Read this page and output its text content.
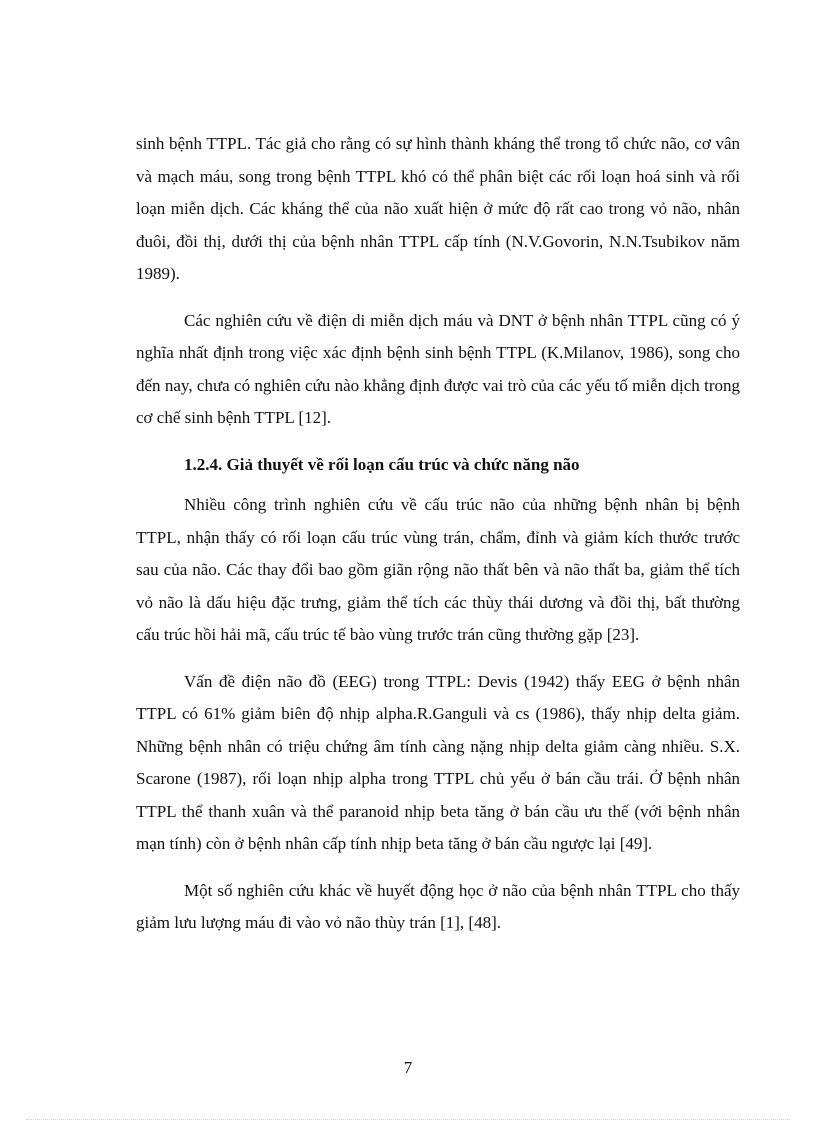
sinh bệnh TTPL. Tác giả cho rằng có sự hình thành kháng thể trong tổ chức não, cơ vân và mạch máu, song trong bệnh TTPL khó có thể phân biệt các rối loạn hoá sinh và rối loạn miễn dịch. Các kháng thể của não xuất hiện ở mức độ rất cao trong vỏ não, nhân đuôi, đồi thị, dưới thị của bệnh nhân TTPL cấp tính (N.V.Govorin, N.N.Tsubikov năm 1989).

Các nghiên cứu về điện di miễn dịch máu và DNT ở bệnh nhân TTPL cũng có ý nghĩa nhất định trong việc xác định bệnh sinh bệnh TTPL (K.Milanov, 1986), song cho đến nay, chưa có nghiên cứu nào khẳng định được vai trò của các yếu tố miễn dịch trong cơ chế sinh bệnh TTPL [12].

1.2.4. Giả thuyết về rối loạn cấu trúc và chức năng não

Nhiều công trình nghiên cứu về cấu trúc não của những bệnh nhân bị bệnh TTPL, nhận thấy có rối loạn cấu trúc vùng trán, chẩm, đỉnh và giảm kích thước trước sau của não. Các thay đổi bao gồm giãn rộng não thất bên và não thất ba, giảm thể tích vỏ não là dấu hiệu đặc trưng, giảm thể tích các thùy thái dương và đồi thị, bất thường cấu trúc hồi hải mã, cấu trúc tế bào vùng trước trán cũng thường gặp [23].

Vấn đề điện não đồ (EEG) trong TTPL: Devis (1942) thấy EEG ở bệnh nhân TTPL có 61% giảm biên độ nhịp alpha.R.Ganguli và cs (1986), thấy nhịp delta giảm. Những bệnh nhân có triệu chứng âm tính càng nặng nhịp delta giảm càng nhiều. S.X. Scarone (1987), rối loạn nhịp alpha trong TTPL chủ yếu ở bán cầu trái. Ở bệnh nhân TTPL thể thanh xuân và thể paranoid nhịp beta tăng ở bán cầu ưu thế (với bệnh nhân mạn tính) còn ở bệnh nhân cấp tính nhịp beta tăng ở bán cầu ngược lại [49].

Một số nghiên cứu khác về huyết động học ở não của bệnh nhân TTPL cho thấy giảm lưu lượng máu đi vào vỏ não thùy trán [1], [48].

7
